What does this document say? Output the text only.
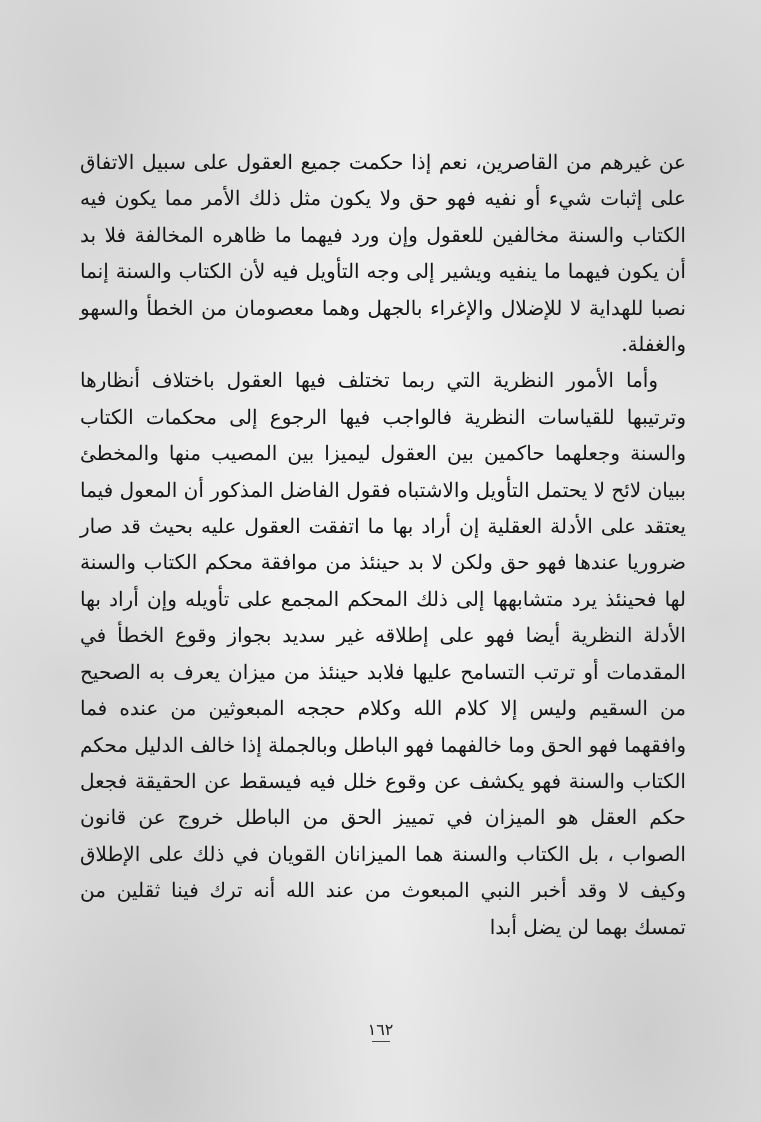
عن غيرهم من القاصرين، نعم إذا حكمت جميع العقول على سبيل الاتفاق على إثبات شيء أو نفيه فهو حق ولا يكون مثل ذلك الأمر مما يكون فيه الكتاب والسنة مخالفين للعقول وإن ورد فيهما ما ظاهره المخالفة فلا بد أن يكون فيهما ما ينفيه ويشير إلى وجه التأويل فيه لأن الكتاب والسنة إنما نصبا للهداية لا للإضلال والإغراء بالجهل وهما معصومان من الخطأ والسهو والغفلة.

وأما الأمور النظرية التي ربما تختلف فيها العقول باختلاف أنظارها وترتيبها للقياسات النظرية فالواجب فيها الرجوع إلى محكمات الكتاب والسنة وجعلهما حاكمين بين العقول ليميزا بين المصيب منها والمخطئ ببيان لائح لا يحتمل التأويل والاشتباه فقول الفاضل المذكور أن المعول فيما يعتقد على الأدلة العقلية إن أراد بها ما اتفقت العقول عليه بحيث قد صار ضروريا عندها فهو حق ولكن لا بد حينئذ من موافقة محكم الكتاب والسنة لها فحينئذ يرد متشابهها إلى ذلك المحكم المجمع على تأويله وإن أراد بها الأدلة النظرية أيضا فهو على إطلاقه غير سديد بجواز وقوع الخطأ في المقدمات أو ترتب التسامح عليها فلابد حينئذ من ميزان يعرف به الصحيح من السقيم وليس إلا كلام الله وكلام حججه المبعوثين من عنده فما وافقهما فهو الحق وما خالفهما فهو الباطل وبالجملة إذا خالف الدليل محكم الكتاب والسنة فهو يكشف عن وقوع خلل فيه فيسقط عن الحقيقة فجعل حكم العقل هو الميزان في تمييز الحق من الباطل خروج عن قانون الصواب ، بل الكتاب والسنة هما الميزانان القويان في ذلك على الإطلاق وكيف لا وقد أخبر النبي المبعوث من عند الله أنه ترك فينا ثقلين من تمسك بهما لن يضل أبدا

١٦٢
